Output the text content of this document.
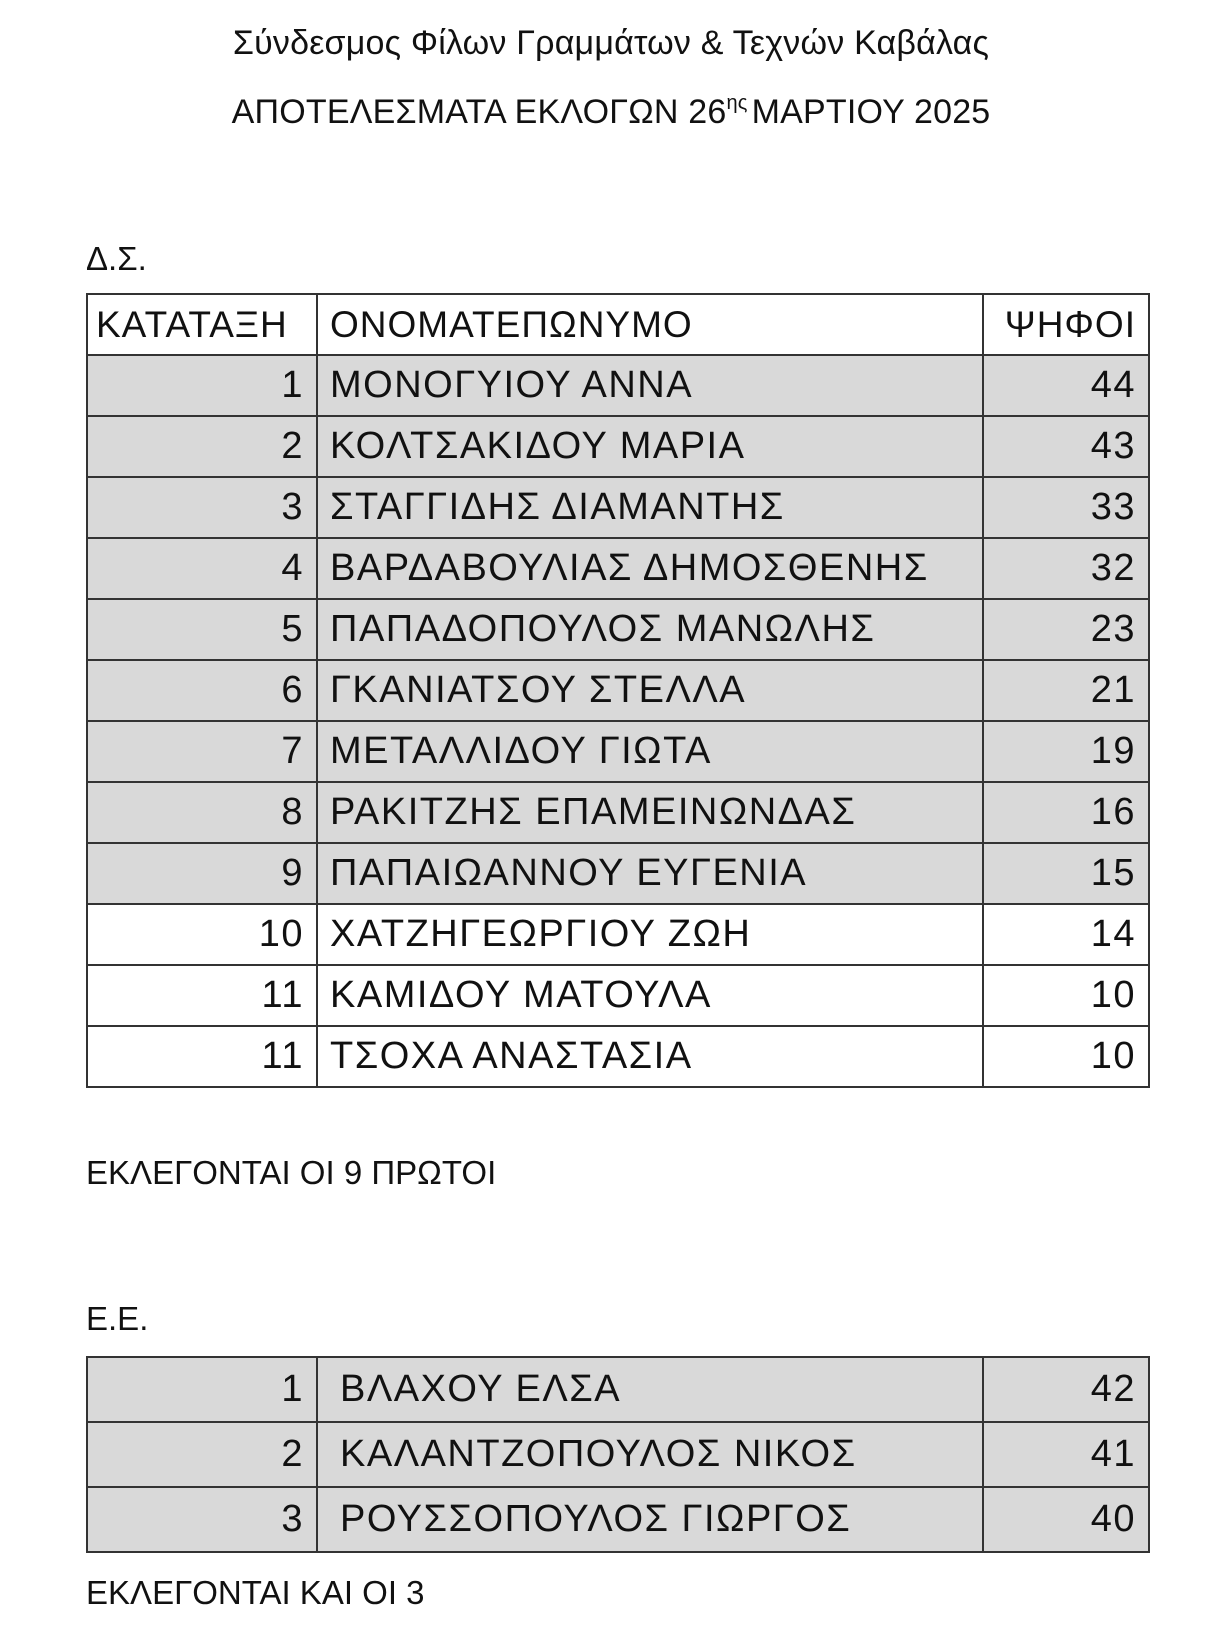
Σύνδεσμος Φίλων Γραμμάτων & Τεχνών Καβάλας
ΑΠΟΤΕΛΕΣΜΑΤΑ ΕΚΛΟΓΩΝ $26^{\eta\varsigma}$ ΜΑΡΤΙΟΥ 2025
Δ.Σ.
ΚΑΤΑΤΑΞΗ	ΟΝΟΜΑΤΕΠΩΝΥΜΟ	ΨΗΦΟΙ
1	ΜΟΝΟΓΥΙΟΥ ΑΝΝΑ	44
2	ΚΟΛΤΣΑΚΙΔΟΥ ΜΑΡΙΑ	43
3	ΣΤΑΓΓΙΔΗΣ ΔΙΑΜΑΝΤΗΣ	33
4	ΒΑΡΔΑΒΟΥΛΙΑΣ ΔΗΜΟΣΘΕΝΗΣ	32
5	ΠΑΠΑΔΟΠΟΥΛΟΣ ΜΑΝΩΛΗΣ	23
6	ΓΚΑΝΙΑΤΣΟΥ ΣΤΕΛΛΑ	21
7	ΜΕΤΑΛΛΙΔΟΥ ΓΙΩΤΑ	19
8	ΡΑΚΙΤΖΗΣ ΕΠΑΜΕΙΝΩΝΔΑΣ	16
9	ΠΑΠΑΙΩΑΝΝΟΥ ΕΥΓΕΝΙΑ	15
10	ΧΑΤΖΗΓΕΩΡΓΙΟΥ ΖΩΗ	14
11	ΚΑΜΙΔΟΥ ΜΑΤΟΥΛΑ	10
11	ΤΣΟΧΑ ΑΝΑΣΤΑΣΙΑ	10
ΕΚΛΕΓΟΝΤΑΙ ΟΙ 9 ΠΡΩΤΟΙ
Ε.Ε.
1	ΒΛΑΧΟΥ ΕΛΣΑ	42
2	ΚΑΛΑΝΤΖΟΠΟΥΛΟΣ ΝΙΚΟΣ	41
3	ΡΟΥΣΣΟΠΟΥΛΟΣ ΓΙΩΡΓΟΣ	40
ΕΚΛΕΓΟΝΤΑΙ ΚΑΙ ΟΙ 3
